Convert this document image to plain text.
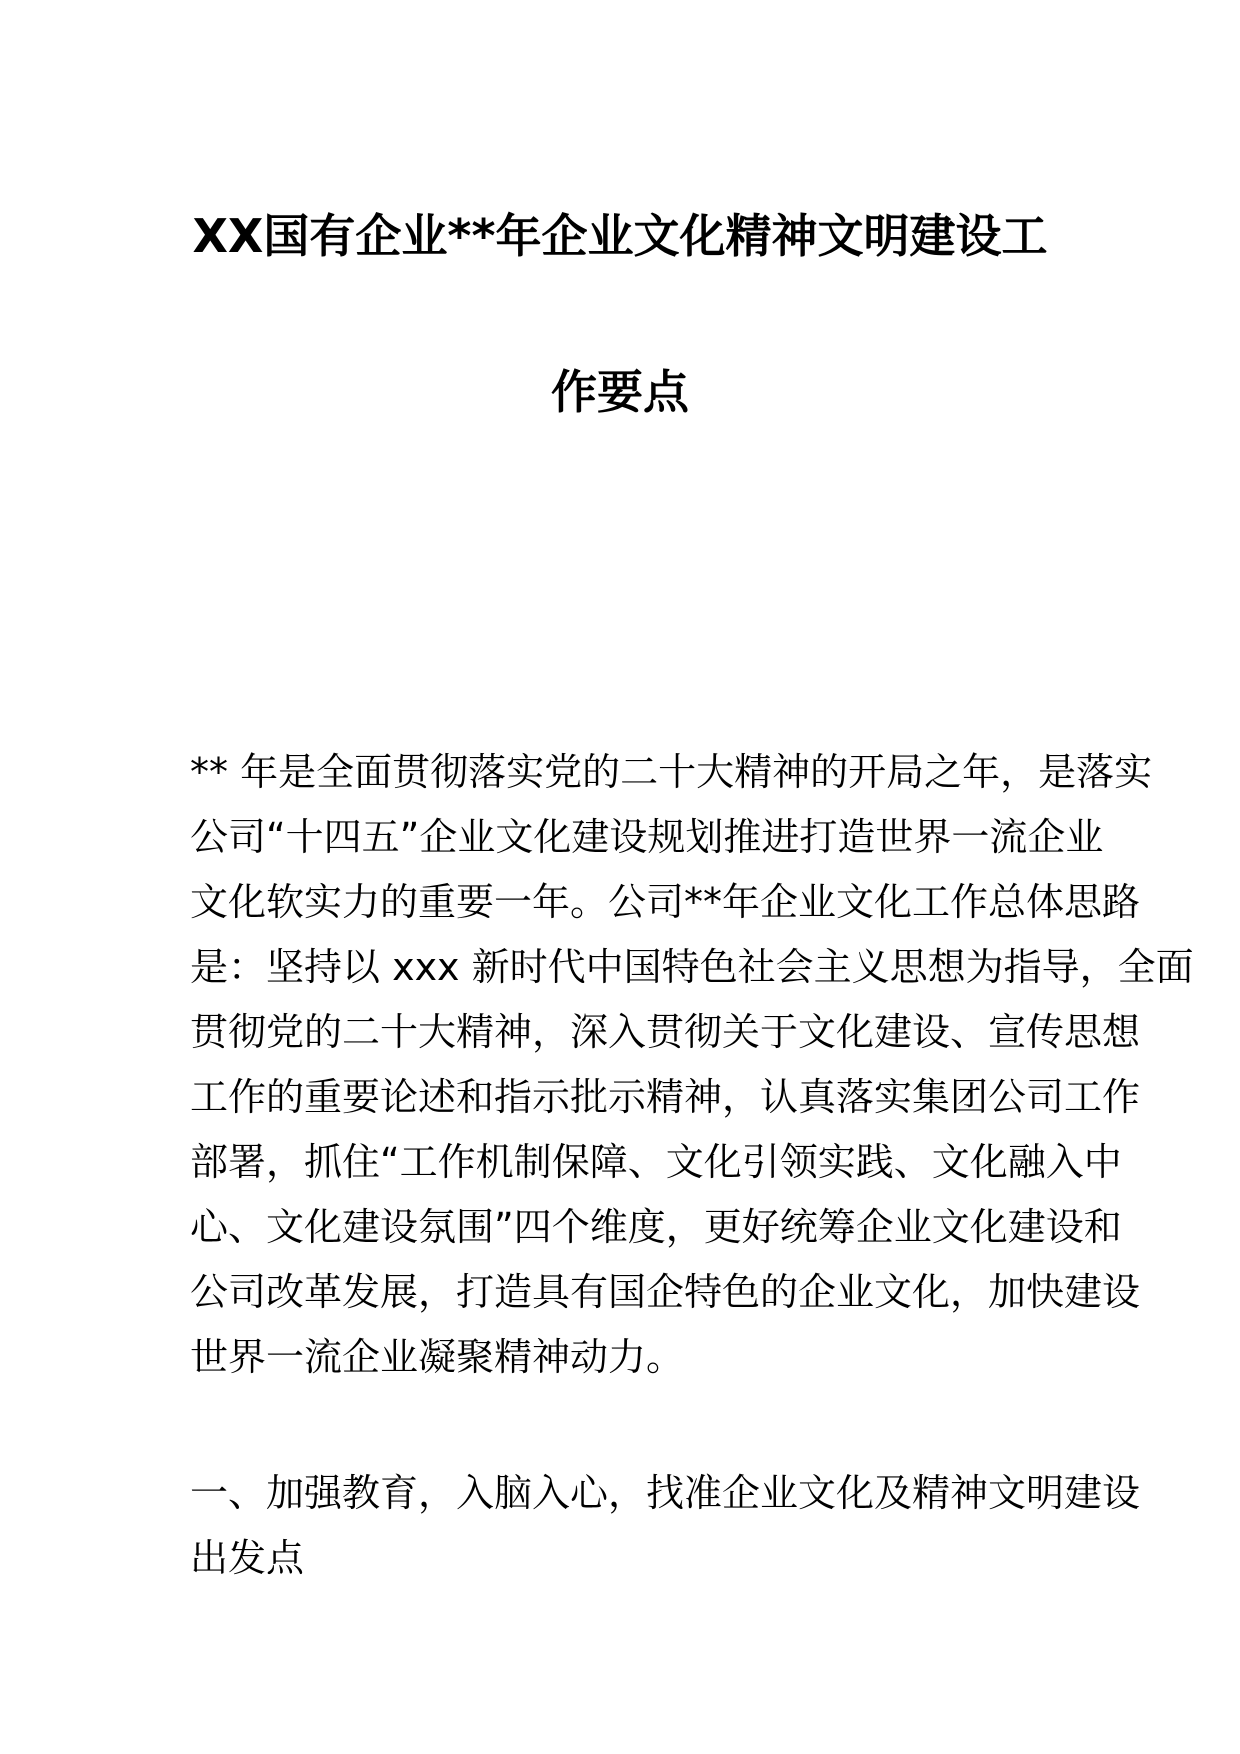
XX国有企业**年企业文化精神文明建设工
作要点
** 年是全面贯彻落实党的二十大精神的开局之年，是落实
公司“十四五”企业文化建设规划推进打造世界一流企业
文化软实力的重要一年。公司**年企业文化工作总体思路
是：坚持以 xxx 新时代中国特色社会主义思想为指导，全面
贯彻党的二十大精神，深入贯彻关于文化建设、宣传思想
工作的重要论述和指示批示精神，认真落实集团公司工作
部署，抓住“工作机制保障、文化引领实践、文化融入中
心、文化建设氛围”四个维度，更好统筹企业文化建设和
公司改革发展，打造具有国企特色的企业文化，加快建设
世界一流企业凝聚精神动力。
一、加强教育，入脑入心，找准企业文化及精神文明建设
出发点
